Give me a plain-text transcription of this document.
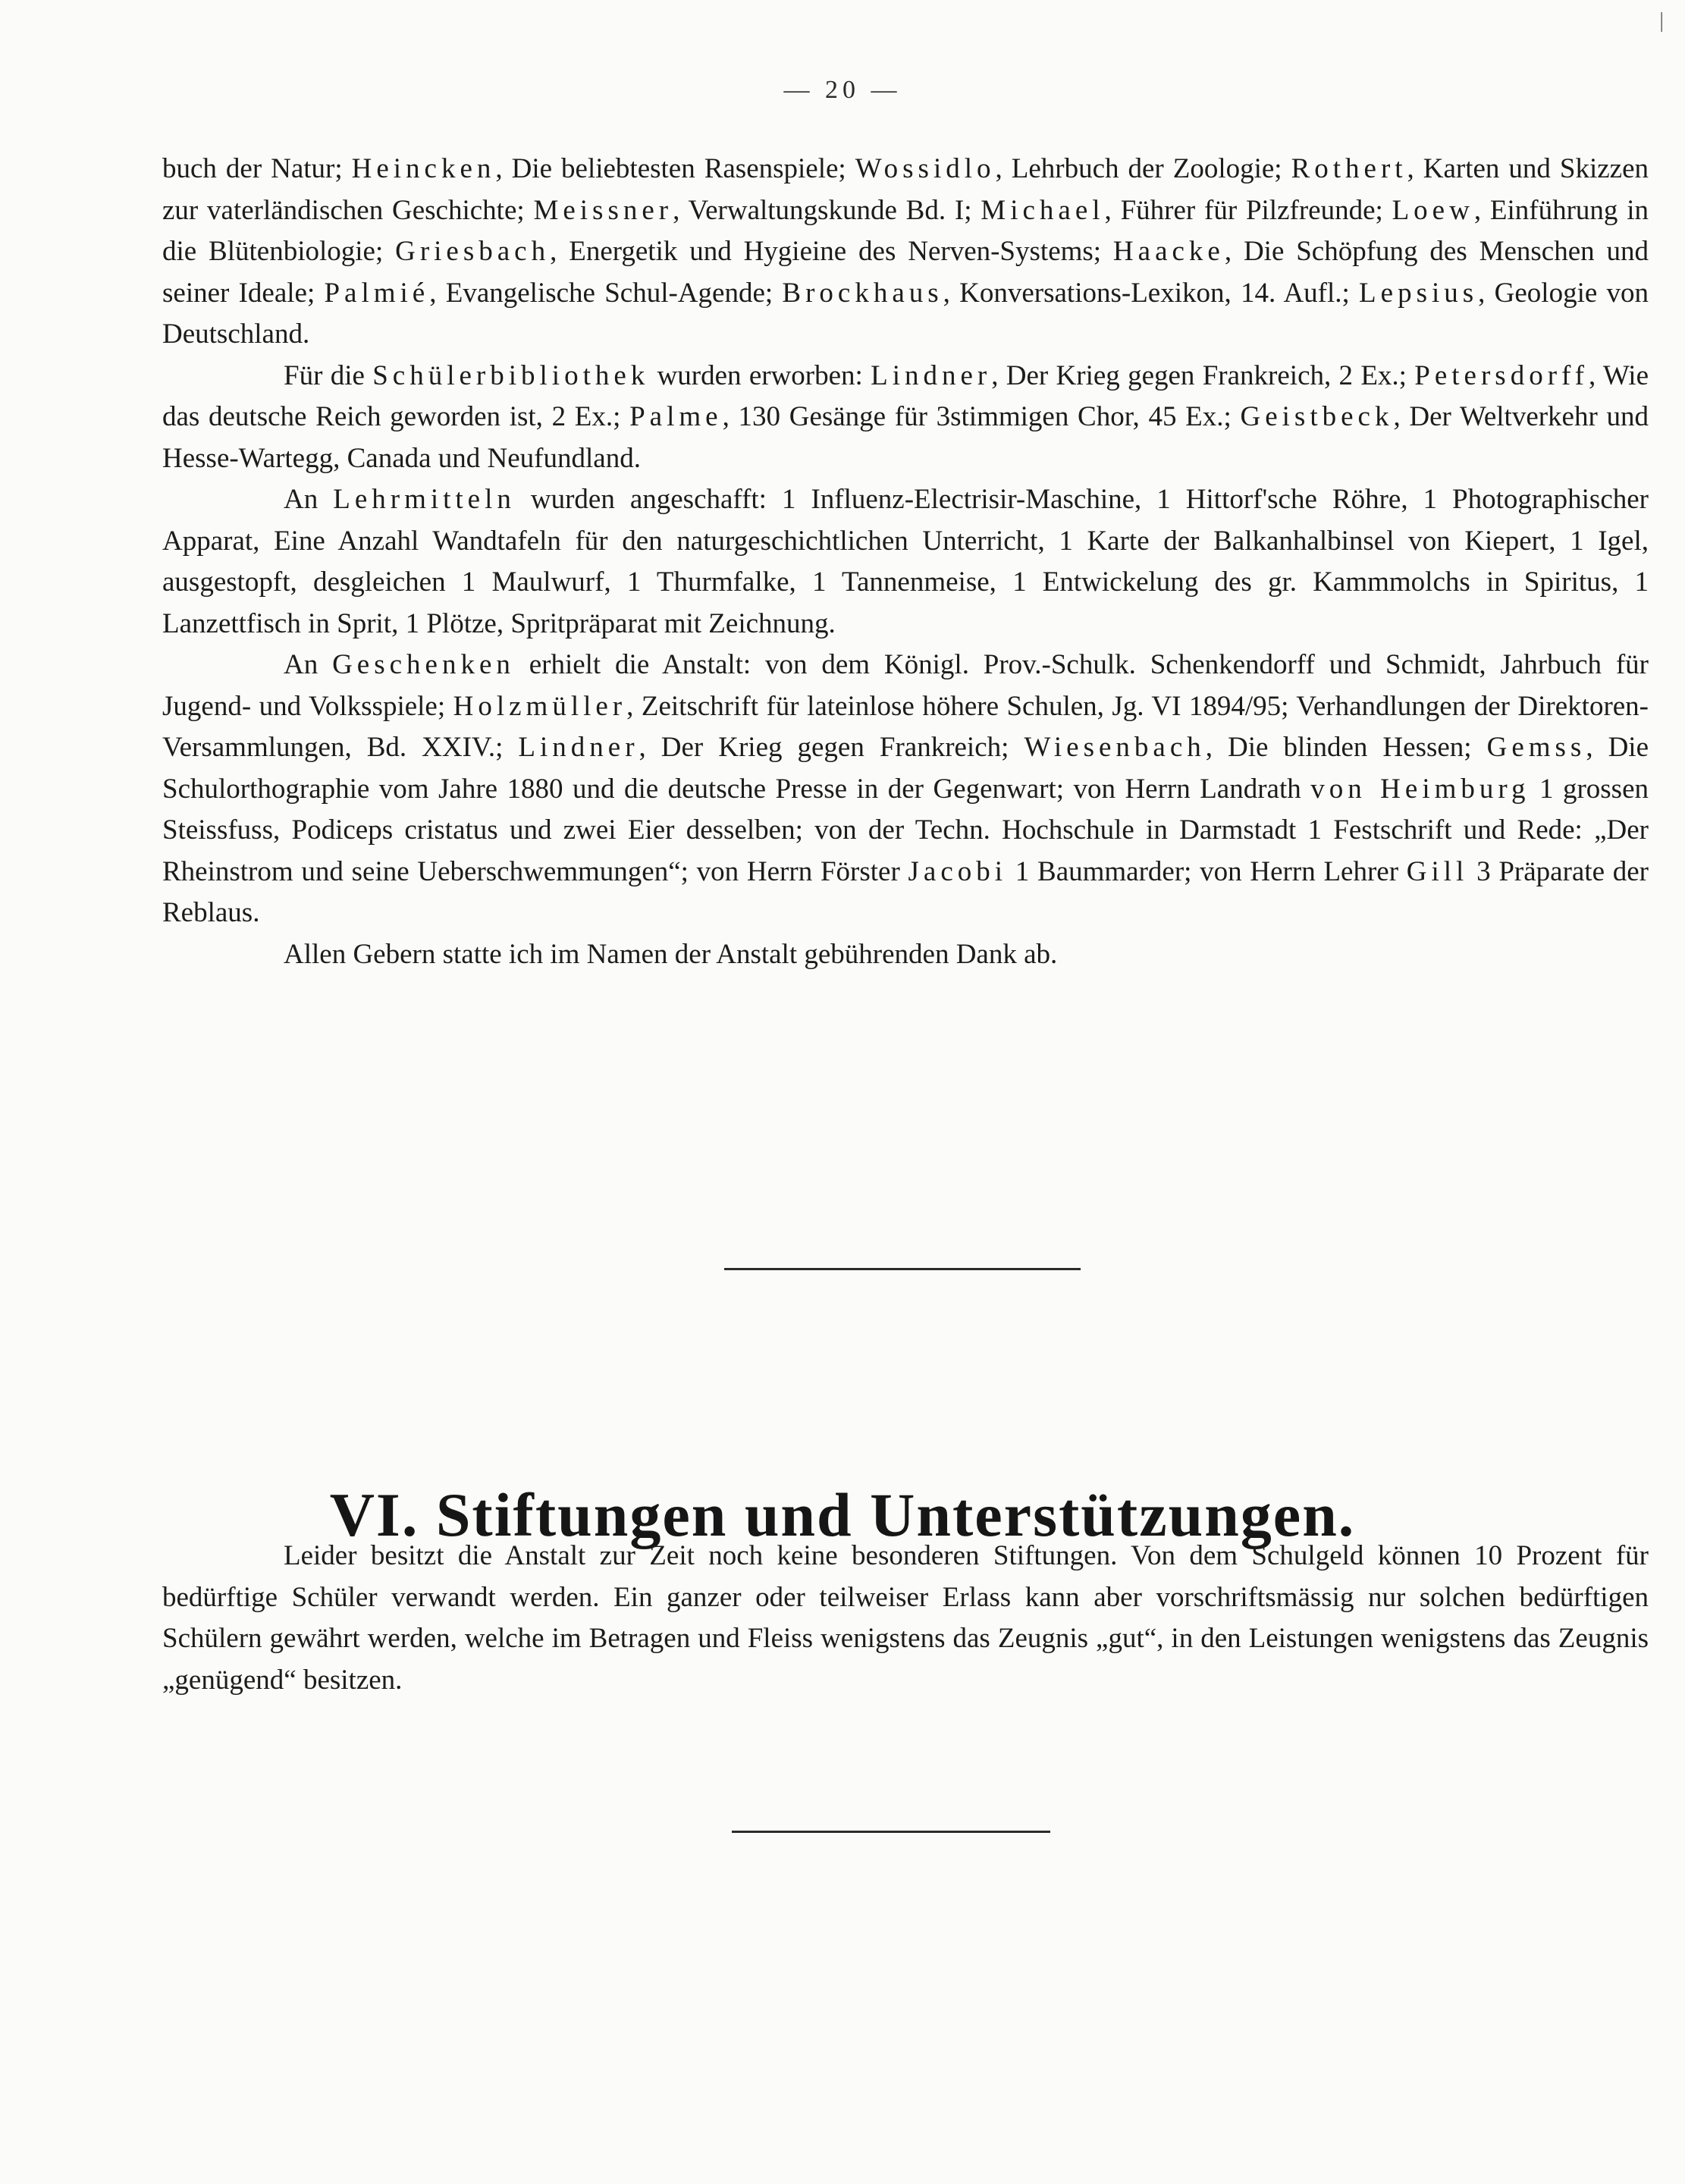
|
— 20 —

buch der Natur; Heincken, Die beliebtesten Rasenspiele; Wossidlo, Lehrbuch der Zoologie; Rothert, Karten und Skizzen zur vaterländischen Geschichte; Meissner, Verwaltungskunde Bd. I; Michael, Führer für Pilzfreunde; Loew, Einführung in die Blütenbiologie; Griesbach, Energetik und Hygieine des Nerven-Systems; Haacke, Die Schöpfung des Menschen und seiner Ideale; Palmié, Evangelische Schul-Agende; Brockhaus, Konversations-Lexikon, 14. Aufl.; Lepsius, Geologie von Deutschland.

Für die Schülerbibliothek wurden erworben: Lindner, Der Krieg gegen Frankreich, 2 Ex.; Petersdorff, Wie das deutsche Reich geworden ist, 2 Ex.; Palme, 130 Gesänge für 3stimmigen Chor, 45 Ex.; Geistbeck, Der Weltverkehr und Hesse-Wartegg, Canada und Neufundland.

An Lehrmitteln wurden angeschafft: 1 Influenz-Electrisir-Maschine, 1 Hittorf'sche Röhre, 1 Photographischer Apparat, Eine Anzahl Wandtafeln für den naturgeschichtlichen Unterricht, 1 Karte der Balkanhalbinsel von Kiepert, 1 Igel, ausgestopft, desgleichen 1 Maulwurf, 1 Thurmfalke, 1 Tannenmeise, 1 Entwickelung des gr. Kammmolchs in Spiritus, 1 Lanzettfisch in Sprit, 1 Plötze, Spritpräparat mit Zeichnung.

An Geschenken erhielt die Anstalt: von dem Königl. Prov.-Schulk. Schenkendorff und Schmidt, Jahrbuch für Jugend- und Volksspiele; Holzmüller, Zeitschrift für lateinlose höhere Schulen, Jg. VI 1894/95; Verhandlungen der Direktoren-Versammlungen, Bd. XXIV.; Lindner, Der Krieg gegen Frankreich; Wiesenbach, Die blinden Hessen; Gemss, Die Schulorthographie vom Jahre 1880 und die deutsche Presse in der Gegenwart; von Herrn Landrath von Heimburg 1 grossen Steissfuss, Podiceps cristatus und zwei Eier desselben; von der Techn. Hochschule in Darmstadt 1 Festschrift und Rede: „Der Rheinstrom und seine Ueberschwemmungen“; von Herrn Förster Jacobi 1 Baummarder; von Herrn Lehrer Gill 3 Präparate der Reblaus.

Allen Gebern statte ich im Namen der Anstalt gebührenden Dank ab.

VI. Stiftungen und Unterstützungen.

Leider besitzt die Anstalt zur Zeit noch keine besonderen Stiftungen. Von dem Schulgeld können 10 Prozent für bedürftige Schüler verwandt werden. Ein ganzer oder teilweiser Erlass kann aber vorschriftsmässig nur solchen bedürftigen Schülern gewährt werden, welche im Betragen und Fleiss wenigstens das Zeugnis „gut“, in den Leistungen wenigstens das Zeugnis „genügend“ besitzen.
